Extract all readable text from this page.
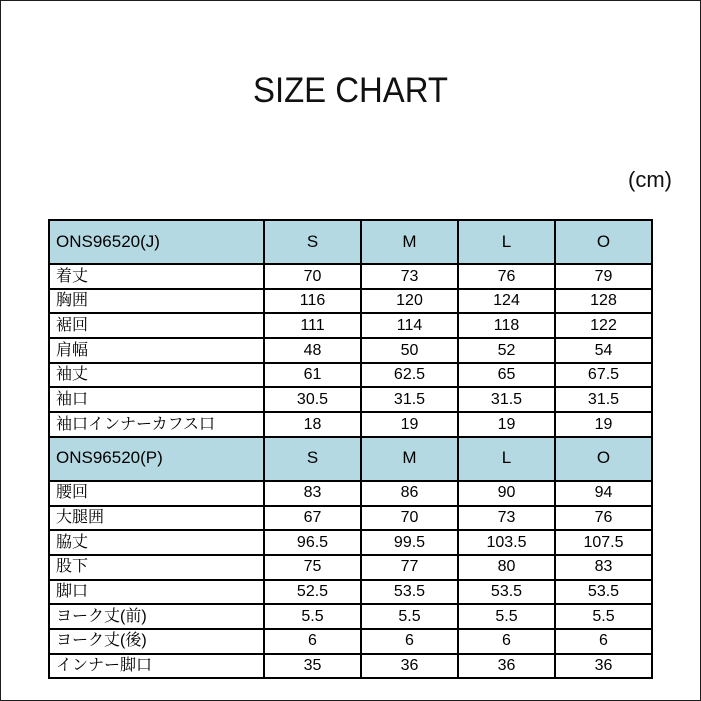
SIZE CHART
(cm)
ONS96520(J)	S	M	L	O
着丈	70	73	76	79
胸囲	116	120	124	128
裾回	111	114	118	122
肩幅	48	50	52	54
袖丈	61	62.5	65	67.5
袖口	30.5	31.5	31.5	31.5
袖口インナーカフス口	18	19	19	19
ONS96520(P)	S	M	L	O
腰回	83	86	90	94
大腿囲	67	70	73	76
脇丈	96.5	99.5	103.5	107.5
股下	75	77	80	83
脚口	52.5	53.5	53.5	53.5
ヨーク丈(前)	5.5	5.5	5.5	5.5
ヨーク丈(後)	6	6	6	6
インナー脚口	35	36	36	36
